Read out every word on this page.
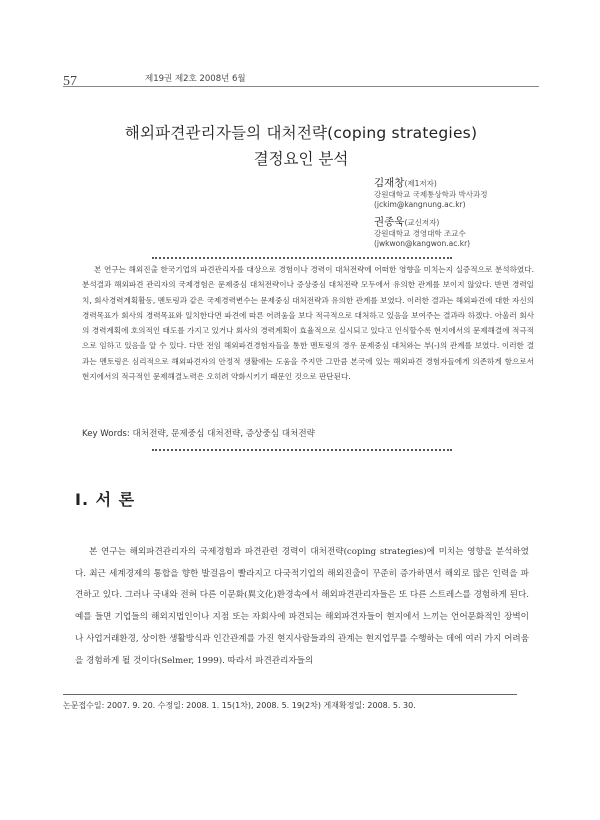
57	제19권 제2호 2008년 6월
해외파견관리자들의 대처전략(coping strategies)
결정요인 분석
김재창(제1저자)
강원대학교 국제통상학과 박사과정
(jckim@kangnung.ac.kr)
권종욱(교신저자)
강원대학교 경영대학 조교수
(jwkwon@kangwon.ac.kr)

본 연구는 해외진출 한국기업의 파견관리자를 대상으로 경험이나 경력이 대처전략에 어떠한 영향을 미치는지 실증적으로 분석하였다. 분석결과 해외파견 관리자의 국제경험은 문제중심 대처전략이나 증상중심 대처전략 모두에서 유의한 관계를 보이지 않았다. 반면 경력일치, 회사경력계획활동, 멘토링과 같은 국제경력변수는 문제중심 대처전략과 유의한 관계를 보였다. 이러한 결과는 해외파견에 대한 자신의 경력목표가 회사의 경력목표와 일치한다면 파견에 따른 어려움을 보다 적극적으로 대처하고 있음을 보여주는 결과라 하겠다. 아울러 회사의 경력계획에 호의적인 태도를 가지고 있거나 회사의 경력계획이 효율적으로 실시되고 있다고 인식할수록 현지에서의 문제해결에 적극적으로 임하고 있음을 알 수 있다. 다만 전임 해외파견경험자들을 통한 멘토링의 경우 문제중심 대처와는 부(-)의 관계를 보였다. 이러한 결과는 멘토링은 심리적으로 해외파견자의 안정적 생활에는 도움을 주지만 그만큼 본국에 있는 해외파견 경험자들에게 의존하게 함으로서 현지에서의 적극적인 문제해결노력은 오히려 약화시키기 때문인 것으로 판단된다.

Key Words: 대처전략, 문제중심 대처전략, 증상중심 대처전략
Ⅰ. 서 론

본 연구는 해외파견관리자의 국제경험과 파견관련 경력이 대처전략(coping strategies)에 미치는 영향을 분석하였다. 최근 세계경제의 통합을 향한 발걸음이 빨라지고 다국적기업의 해외진출이 꾸준히 증가하면서 해외로 많은 인력을 파견하고 있다. 그러나 국내와 전혀 다른 이문화(異文化)환경속에서 해외파견관리자들은 또 다른 스트레스를 경험하게 된다. 예를 들면 기업들의 해외지법인이나 지점 또는 자회사에 파견되는 해외파견자들이 현지에서 느끼는 언어문화적인 장벽이나 사업거래환경, 상이한 생활방식과 인간관계를 가진 현지사람들과의 관계는 현지업무를 수행하는 데에 여러 가지 어려움을 경험하게 될 것이다(Selmer, 1999). 따라서 파견관리자들의

논문접수일: 2007. 9. 20. 수정일: 2008. 1. 15(1차), 2008. 5. 19(2차) 게재확정일: 2008. 5. 30.
